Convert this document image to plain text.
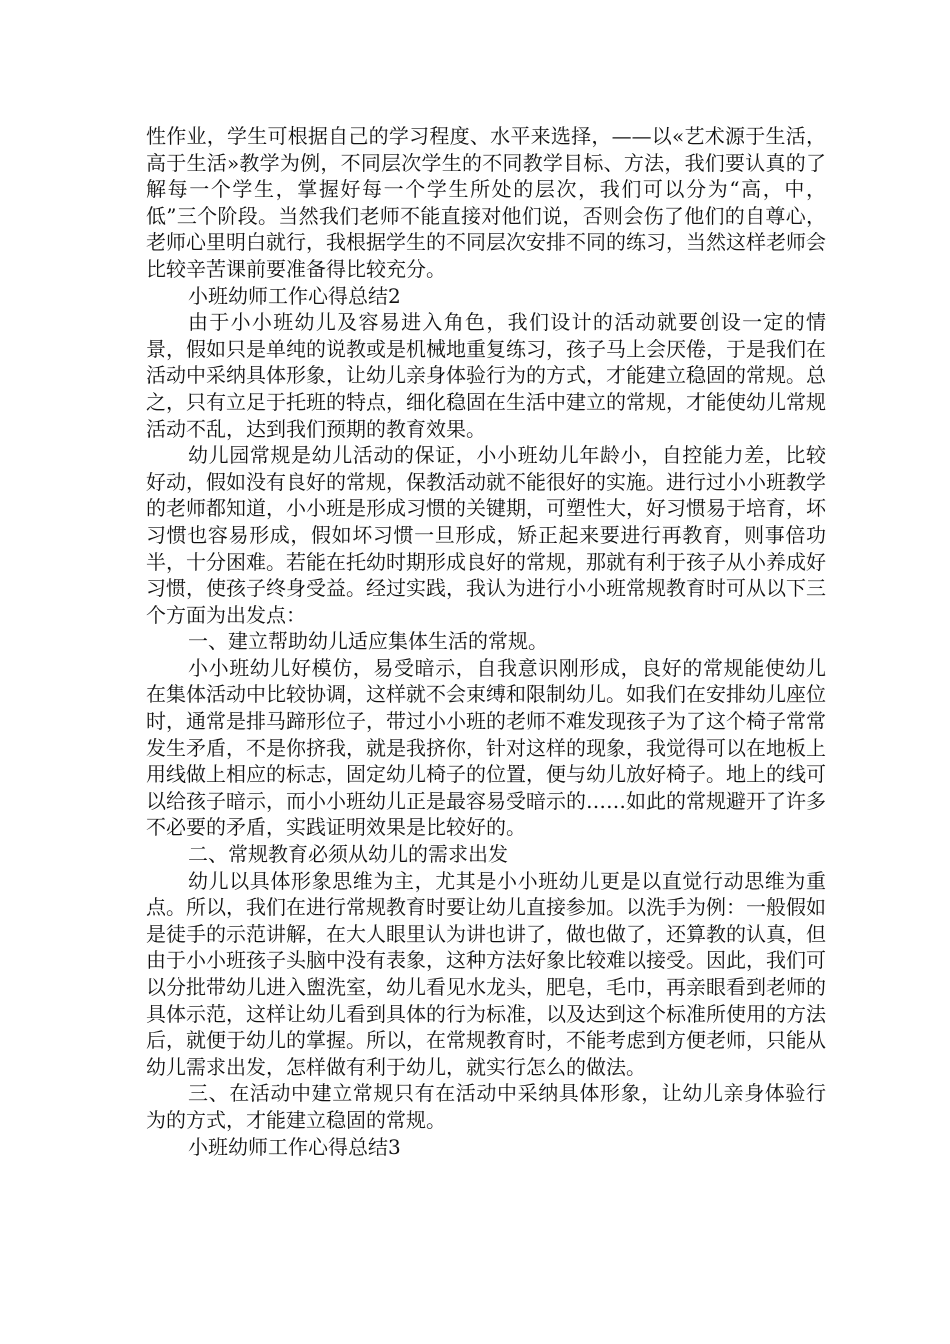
性作业，学生可根据自己的学习程度、水平来选择，——以«艺术源于生活，高于生活»教学为例，不同层次学生的不同教学目标、方法，我们要认真的了解每一个学生，掌握好每一个学生所处的层次，我们可以分为“高，中，低”三个阶段。当然我们老师不能直接对他们说，否则会伤了他们的自尊心，老师心里明白就行，我根据学生的不同层次安排不同的练习，当然这样老师会比较辛苦课前要准备得比较充分。

小班幼师工作心得总结2

由于小小班幼儿及容易进入角色，我们设计的活动就要创设一定的情景，假如只是单纯的说教或是机械地重复练习，孩子马上会厌倦，于是我们在活动中采纳具体形象，让幼儿亲身体验行为的方式，才能建立稳固的常规。总之，只有立足于托班的特点，细化稳固在生活中建立的常规，才能使幼儿常规活动不乱，达到我们预期的教育效果。

幼儿园常规是幼儿活动的保证，小小班幼儿年龄小，自控能力差，比较好动，假如没有良好的常规，保教活动就不能很好的实施。进行过小小班教学的老师都知道，小小班是形成习惯的关键期，可塑性大，好习惯易于培育，坏习惯也容易形成，假如坏习惯一旦形成，矫正起来要进行再教育，则事倍功半，十分困难。若能在托幼时期形成良好的常规，那就有利于孩子从小养成好习惯，使孩子终身受益。经过实践，我认为进行小小班常规教育时可从以下三个方面为出发点：

一、建立帮助幼儿适应集体生活的常规。

小小班幼儿好模仿，易受暗示，自我意识刚形成，良好的常规能使幼儿在集体活动中比较协调，这样就不会束缚和限制幼儿。如我们在安排幼儿座位时，通常是排马蹄形位子，带过小小班的老师不难发现孩子为了这个椅子常常发生矛盾，不是你挤我，就是我挤你，针对这样的现象，我觉得可以在地板上用线做上相应的标志，固定幼儿椅子的位置，便与幼儿放好椅子。地上的线可以给孩子暗示，而小小班幼儿正是最容易受暗示的……如此的常规避开了许多不必要的矛盾，实践证明效果是比较好的。

二、常规教育必须从幼儿的需求出发

幼儿以具体形象思维为主，尤其是小小班幼儿更是以直觉行动思维为重点。所以，我们在进行常规教育时要让幼儿直接参加。以洗手为例：一般假如是徒手的示范讲解，在大人眼里认为讲也讲了，做也做了，还算教的认真，但由于小小班孩子头脑中没有表象，这种方法好象比较难以接受。因此，我们可以分批带幼儿进入盥洗室，幼儿看见水龙头，肥皂，毛巾，再亲眼看到老师的具体示范，这样让幼儿看到具体的行为标准，以及达到这个标准所使用的方法后，就便于幼儿的掌握。所以，在常规教育时，不能考虑到方便老师，只能从幼儿需求出发，怎样做有利于幼儿，就实行怎么的做法。

三、在活动中建立常规只有在活动中采纳具体形象，让幼儿亲身体验行为的方式，才能建立稳固的常规。

小班幼师工作心得总结3
